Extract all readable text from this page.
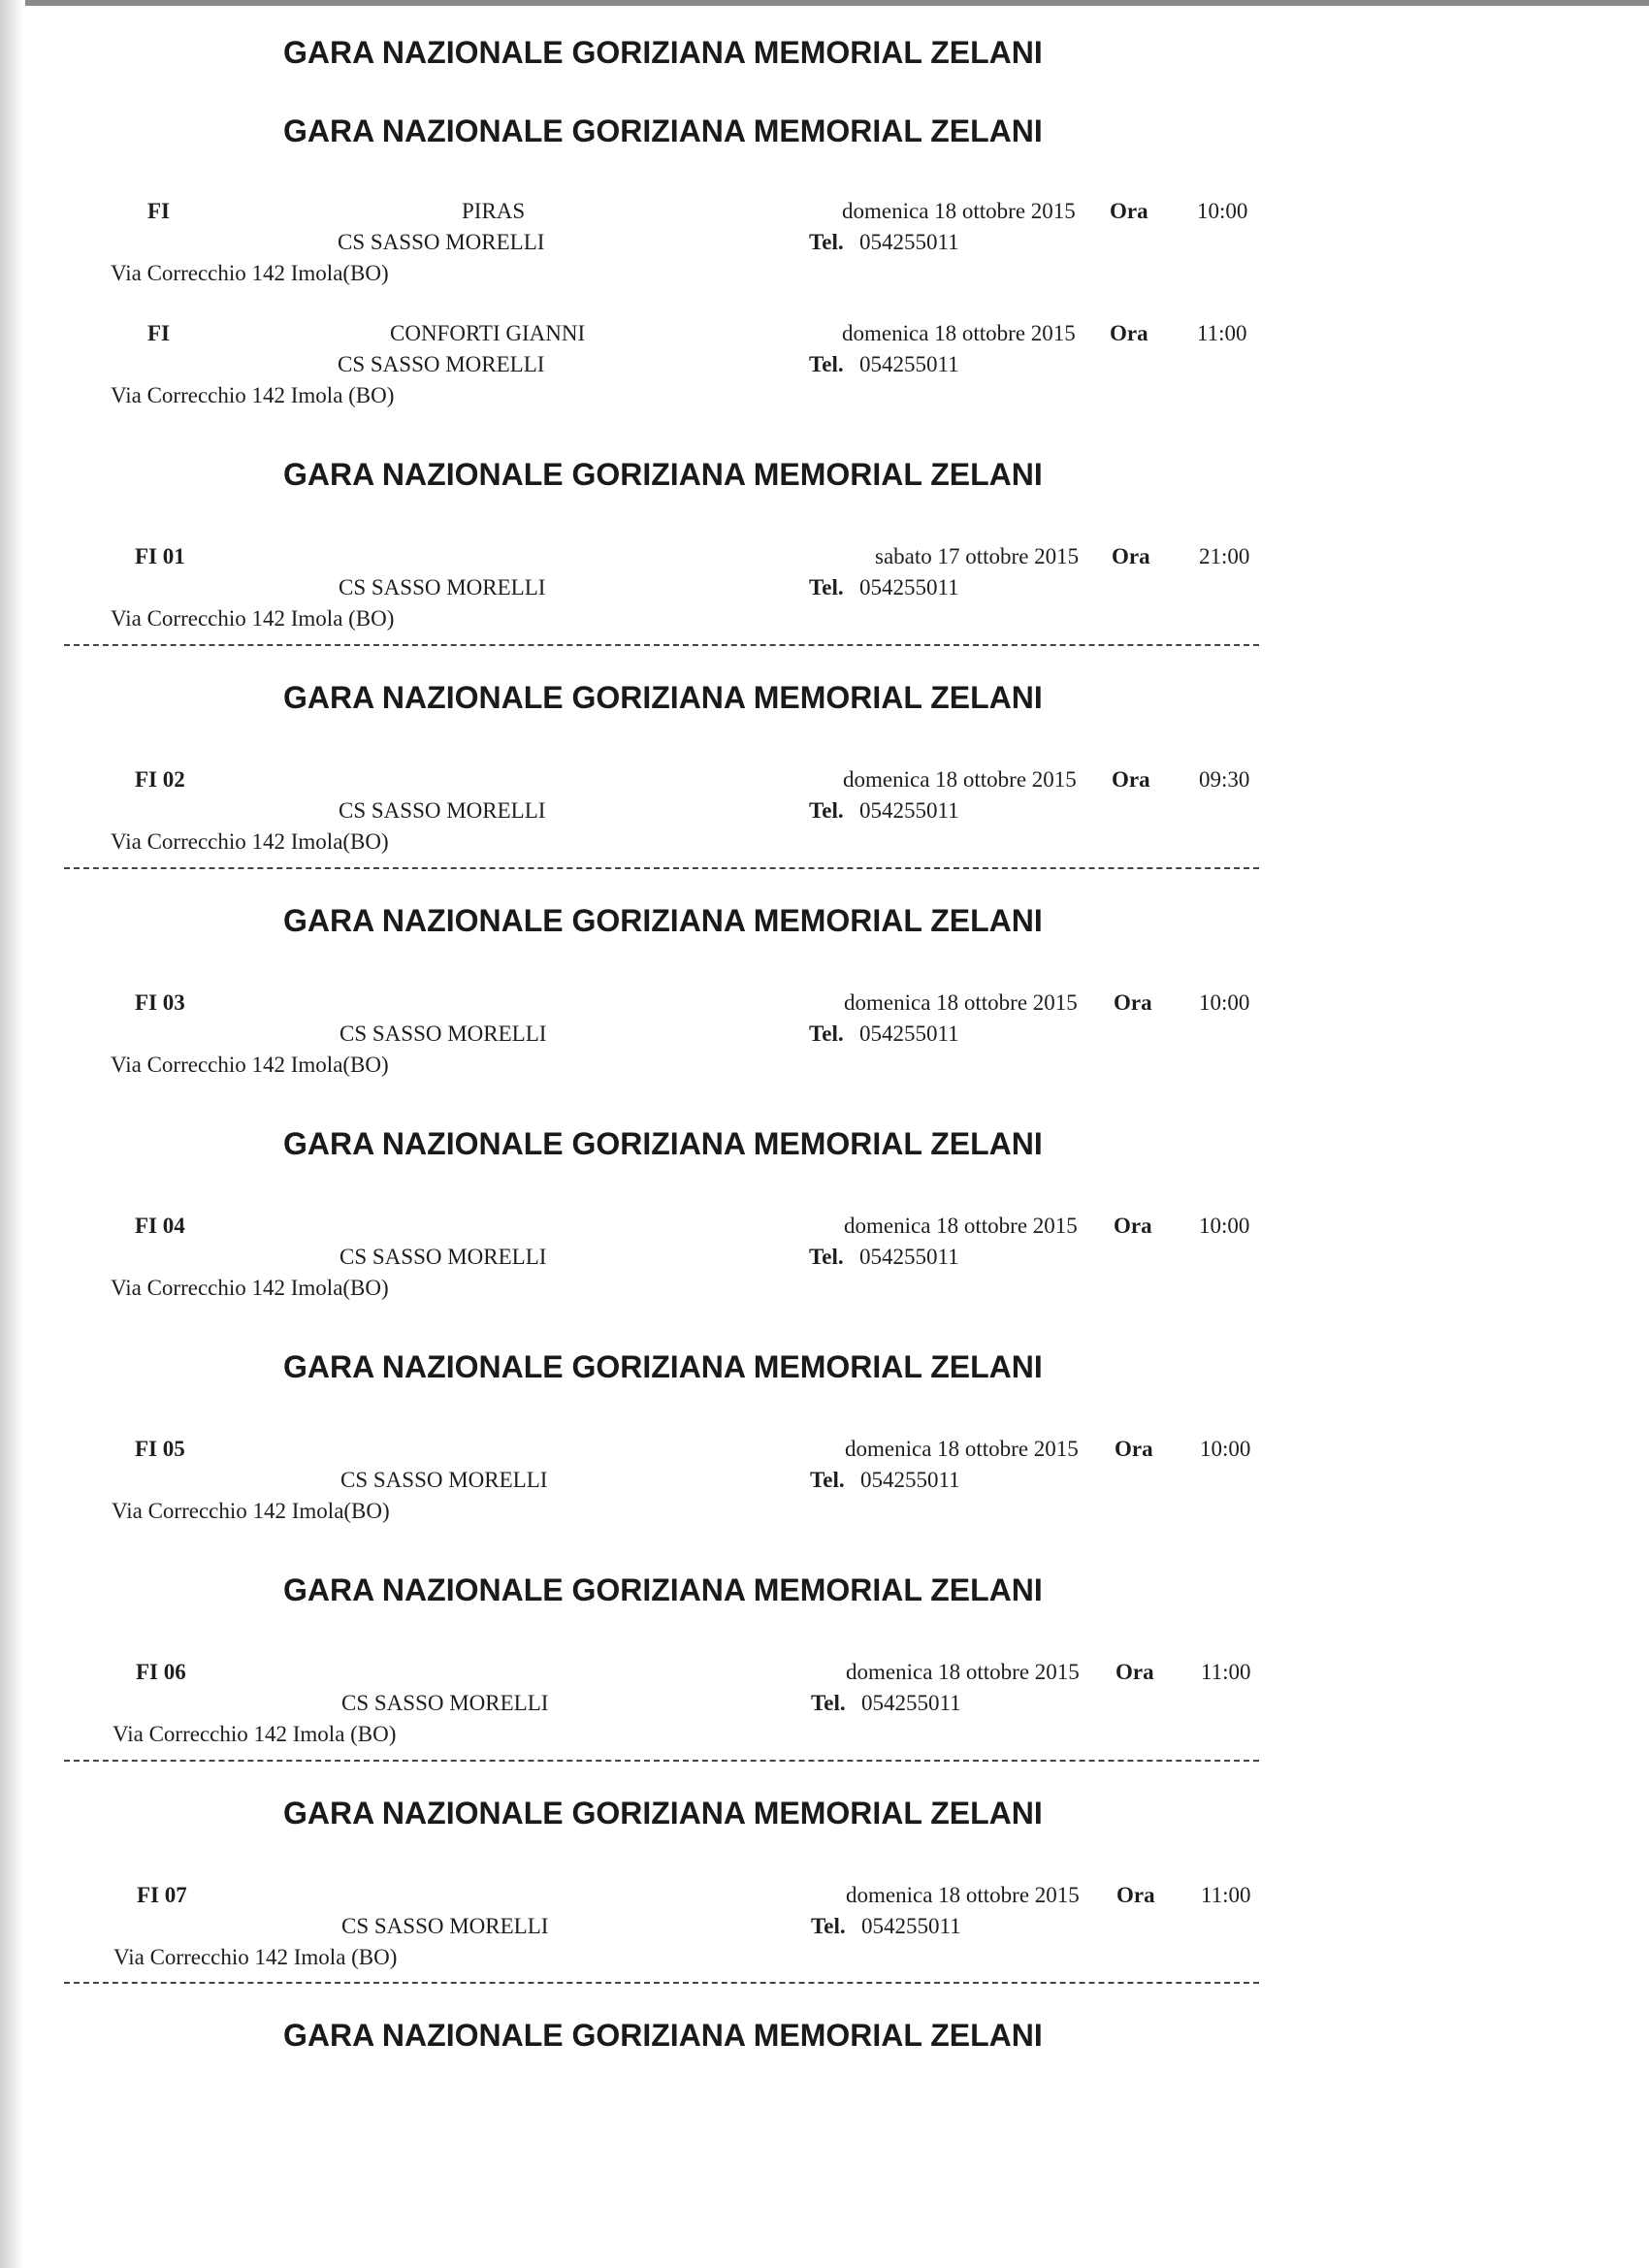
GARA NAZIONALE GORIZIANA MEMORIAL ZELANI
GARA NAZIONALE GORIZIANA MEMORIAL ZELANI
FI	PIRAS	domenica 18 ottobre 2015 Ora 10:00
CS SASSO MORELLI	Tel. 054255011
Via Correcchio 142 Imola(BO)
FI	CONFORTI GIANNI	domenica 18 ottobre 2015 Ora 11:00
CS SASSO MORELLI	Tel. 054255011
Via Correcchio 142 Imola (BO)
GARA NAZIONALE GORIZIANA MEMORIAL ZELANI
FI 01	sabato 17 ottobre 2015 Ora 21:00
CS SASSO MORELLI	Tel. 054255011
Via Correcchio 142 Imola (BO)
GARA NAZIONALE GORIZIANA MEMORIAL ZELANI
FI 02	domenica 18 ottobre 2015 Ora 09:30
CS SASSO MORELLI	Tel. 054255011
Via Correcchio 142 Imola(BO)
GARA NAZIONALE GORIZIANA MEMORIAL ZELANI
FI 03	domenica 18 ottobre 2015 Ora 10:00
CS SASSO MORELLI	Tel. 054255011
Via Correcchio 142 Imola(BO)
GARA NAZIONALE GORIZIANA MEMORIAL ZELANI
FI 04	domenica 18 ottobre 2015 Ora 10:00
CS SASSO MORELLI	Tel. 054255011
Via Correcchio 142 Imola(BO)
GARA NAZIONALE GORIZIANA MEMORIAL ZELANI
FI 05	domenica 18 ottobre 2015 Ora 10:00
CS SASSO MORELLI	Tel. 054255011
Via Correcchio 142 Imola(BO)
GARA NAZIONALE GORIZIANA MEMORIAL ZELANI
FI 06	domenica 18 ottobre 2015 Ora 11:00
CS SASSO MORELLI	Tel. 054255011
Via Correcchio 142 Imola (BO)
GARA NAZIONALE GORIZIANA MEMORIAL ZELANI
FI 07	domenica 18 ottobre 2015 Ora 11:00
CS SASSO MORELLI	Tel. 054255011
Via Correcchio 142 Imola (BO)
GARA NAZIONALE GORIZIANA MEMORIAL ZELANI
